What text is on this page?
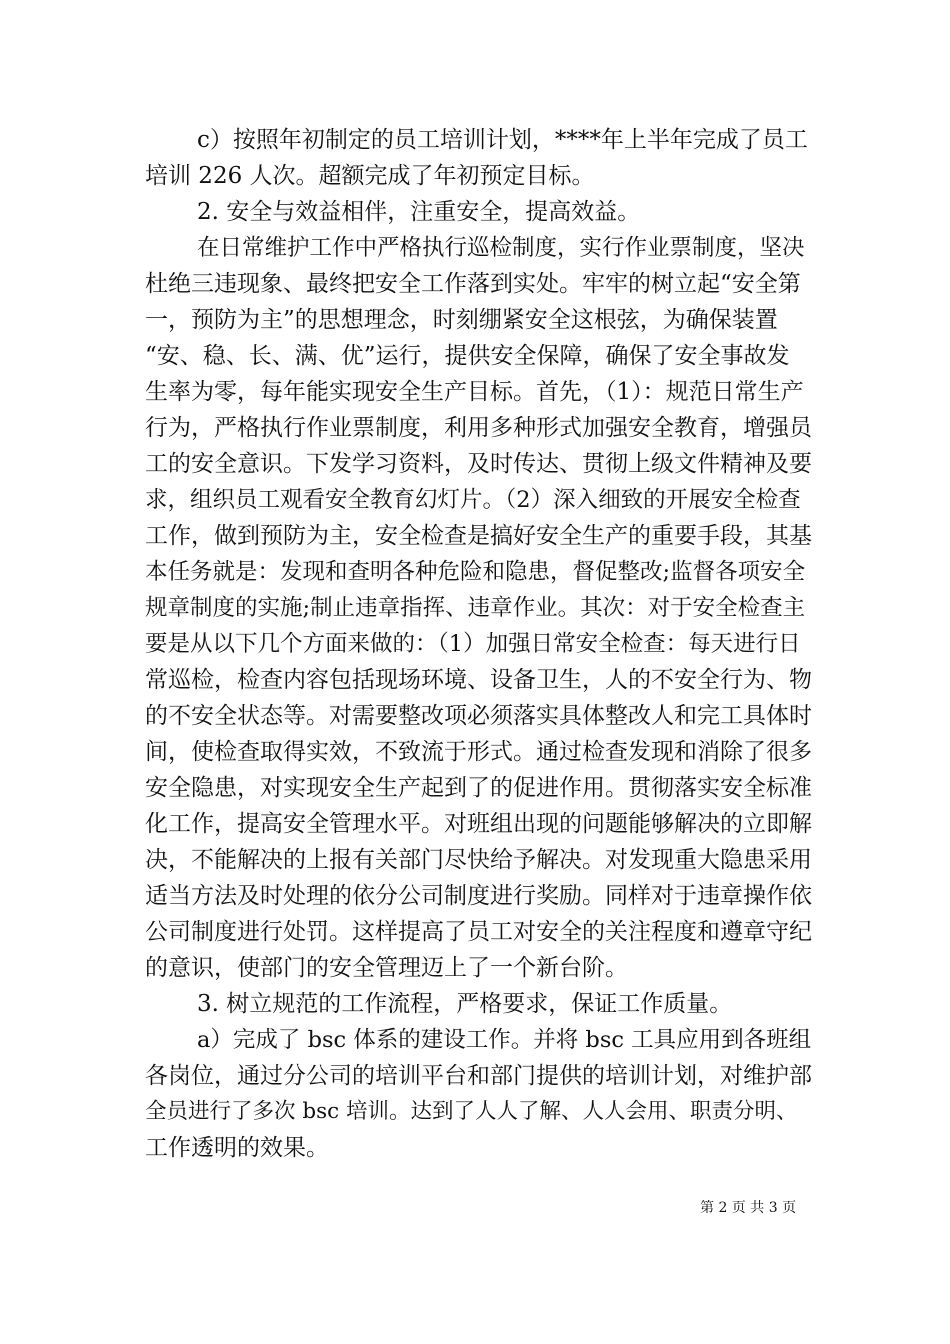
c）按照年初制定的员工培训计划，****年上半年完成了员工
培训 226 人次。超额完成了年初预定目标。
2. 安全与效益相伴，注重安全，提高效益。
在日常维护工作中严格执行巡检制度，实行作业票制度，坚决
杜绝三违现象、最终把安全工作落到实处。牢牢的树立起“安全第
一，预防为主”的思想理念，时刻绷紧安全这根弦，为确保装置
“安、稳、长、满、优”运行，提供安全保障，确保了安全事故发
生率为零，每年能实现安全生产目标。首先，（1）：规范日常生产
行为，严格执行作业票制度，利用多种形式加强安全教育，增强员
工的安全意识。下发学习资料，及时传达、贯彻上级文件精神及要
求，组织员工观看安全教育幻灯片。（2）深入细致的开展安全检查
工作，做到预防为主，安全检查是搞好安全生产的重要手段，其基
本任务就是：发现和查明各种危险和隐患，督促整改;监督各项安全
规章制度的实施;制止违章指挥、违章作业。其次：对于安全检查主
要是从以下几个方面来做的：（1）加强日常安全检查：每天进行日
常巡检，检查内容包括现场环境、设备卫生，人的不安全行为、物
的不安全状态等。对需要整改项必须落实具体整改人和完工具体时
间，使检查取得实效，不致流于形式。通过检查发现和消除了很多
安全隐患，对实现安全生产起到了的促进作用。贯彻落实安全标准
化工作，提高安全管理水平。对班组出现的问题能够解决的立即解
决，不能解决的上报有关部门尽快给予解决。对发现重大隐患采用
适当方法及时处理的依分公司制度进行奖励。同样对于违章操作依
公司制度进行处罚。这样提高了员工对安全的关注程度和遵章守纪
的意识，使部门的安全管理迈上了一个新台阶。
3. 树立规范的工作流程，严格要求，保证工作质量。
a）完成了 bsc 体系的建设工作。并将 bsc 工具应用到各班组
各岗位，通过分公司的培训平台和部门提供的培训计划，对维护部
全员进行了多次 bsc 培训。达到了人人了解、人人会用、职责分明、
工作透明的效果。
第 2 页 共 3 页
